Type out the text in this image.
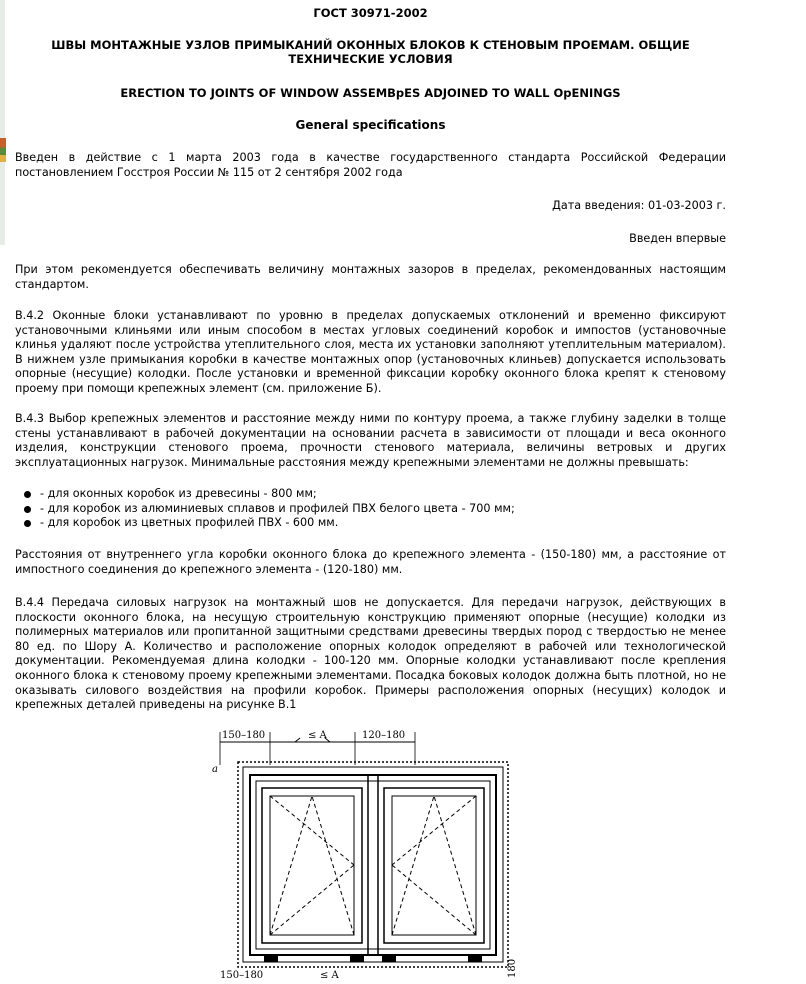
ГОСТ 30971-2002
ШВЫ МОНТАЖНЫЕ УЗЛОВ ПРИМЫКАНИЙ ОКОННЫХ БЛОКОВ К СТЕНОВЫМ ПРОЕМАМ. ОБЩИЕ ТЕХНИЧЕСКИЕ УСЛОВИЯ
ERECTION TO JOINTS OF WINDOW ASSEMBpES ADJOINED TO WALL OpENINGS
General specifications

Введен в действие с 1 марта 2003 года в качестве государственного стандарта Российской Федерации постановлением Госстроя России № 115 от 2 сентября 2002 года

Дата введения: 01-03-2003 г.

Введен впервые

При этом рекомендуется обеспечивать величину монтажных зазоров в пределах, рекомендованных настоящим стандартом.

В.4.2 Оконные блоки устанавливают по уровню в пределах допускаемых отклонений и временно фиксируют установочными клиньями или иным способом в местах угловых соединений коробок и импостов (установочные клинья удаляют после устройства утеплительного слоя, места их установки заполняют утеплительным материалом). В нижнем узле примыкания коробки в качестве монтажных опор (установочных клиньев) допускается использовать опорные (несущие) колодки. После установки и временной фиксации коробку оконного блока крепят к стеновому проему при помощи крепежных элемент (см. приложение Б).

В.4.3 Выбор крепежных элементов и расстояние между ними по контуру проема, а также глубину заделки в толще стены устанавливают в рабочей документации на основании расчета в зависимости от площади и веса оконного изделия, конструкции стенового проема, прочности стенового материала, величины ветровых и других эксплуатационных нагрузок. Минимальные расстояния между крепежными элементами не должны превышать:

- для оконных коробок из древесины - 800 мм;
- для коробок из алюминиевых сплавов и профилей ПВХ белого цвета - 700 мм;
- для коробок из цветных профилей ПВХ - 600 мм.

Расстояния от внутреннего угла коробки оконного блока до крепежного элемента - (150-180) мм, а расстояние от импостного соединения до крепежного элемента - (120-180) мм.

В.4.4 Передача силовых нагрузок на монтажный шов не допускается. Для передачи нагрузок, действующих в плоскости оконного блока, на несущую строительную конструкцию применяют опорные (несущие) колодки из полимерных материалов или пропитанной защитными средствами древесины твердых пород с твердостью не менее 80 ед. по Шору А. Количество и расположение опорных колодок определяют в рабочей или технологической документации. Рекомендуемая длина колодки - 100-120 мм. Опорные колодки устанавливают после крепления оконного блока к стеновому проему крепежными элементами. Посадка боковых колодок должна быть плотной, но не оказывать силового воздействия на профили коробок. Примеры расположения опорных (несущих) колодок и крепежных деталей приведены на рисунке В.1

150–180	≤ A	120–180
a
150–180	≤ A	180
